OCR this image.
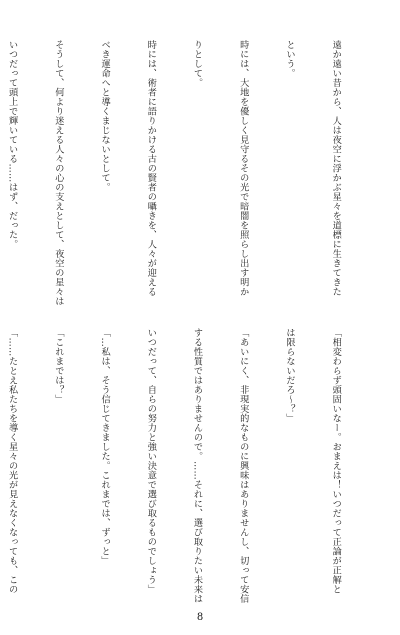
遠か遠い昔から、人は夜空に浮かぶ星々を道標に生きてきた

という。

時には、大地を優しく見守るその光で暗闇を照らし出す明か

りとして。

時には、術者に語りかける古の賢者の囁きを、人々が迎える

べき運命へと導くまじないとして。

そうして、何より迷える人々の心の支えとして、夜空の星々は

いつだって頭上で輝いている……はず、だった。

「相変わらず頭固いなー。おまえは！いつだって正論が正解と

は限らないだろ〜？」

「あいにく、非現実的なものに興味はありませんし、切って安信

する性質ではありませんので。……それに、選び取りたい未来は

いつだって、自らの努力と強い決意で選び取るものでしょう」

「…私は、そう信じてきました。これまでは、ずっと」

「これまでは？」

「……たとえ私たちを導く星々の光が見えなくなっても、この

8
